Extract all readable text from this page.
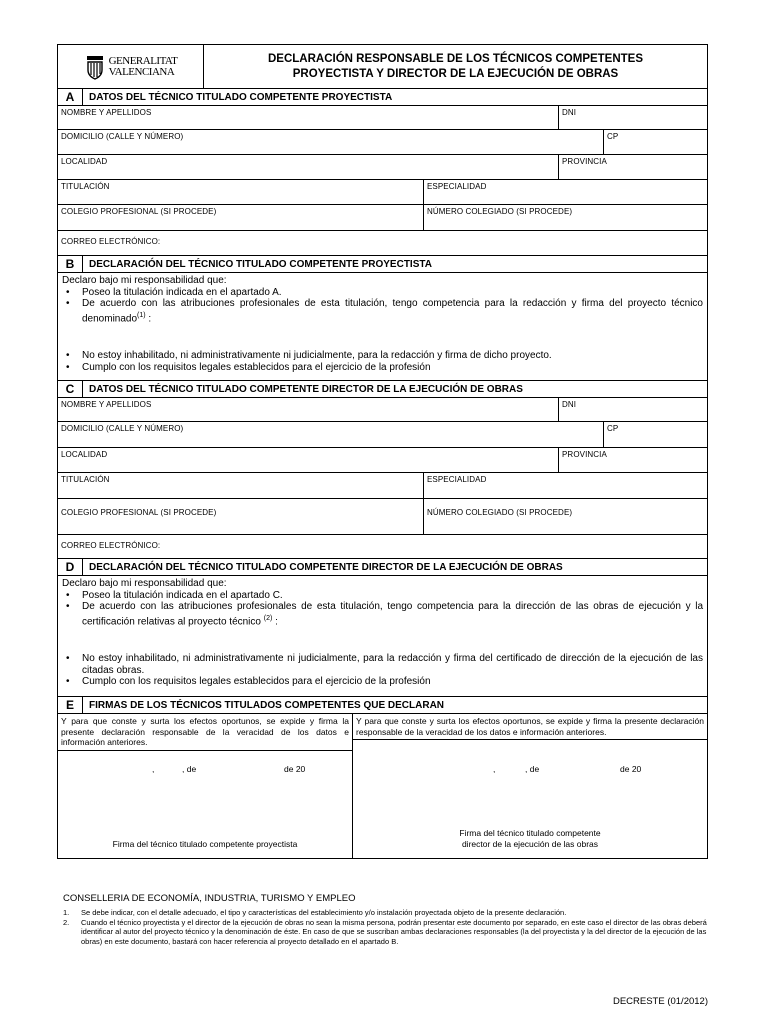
GENERALITAT
VALENCIANA
DECLARACIÓN RESPONSABLE DE LOS TÉCNICOS COMPETENTES
PROYECTISTA Y DIRECTOR DE LA EJECUCIÓN DE OBRAS
A	DATOS DEL TÉCNICO TITULADO COMPETENTE PROYECTISTA
NOMBRE Y APELLIDOS	DNI
DOMICILIO (CALLE Y NÚMERO)	CP
LOCALIDAD	PROVINCIA
TITULACIÓN	ESPECIALIDAD
COLEGIO PROFESIONAL (SI PROCEDE)	NÚMERO COLEGIADO (SI PROCEDE)
CORREO ELECTRÓNICO:
B	DECLARACIÓN DEL TÉCNICO TITULADO COMPETENTE PROYECTISTA
Declaro bajo mi responsabilidad que:
• Poseo la titulación indicada en el apartado A.
• De acuerdo con las atribuciones profesionales de esta titulación, tengo competencia para la redacción y firma del proyecto técnico denominado$^{(1)}$ :
• No estoy inhabilitado, ni administrativamente ni judicialmente, para la redacción y firma de dicho proyecto.
• Cumplo con los requisitos legales establecidos para el ejercicio de la profesión
C	DATOS DEL TÉCNICO TITULADO COMPETENTE DIRECTOR DE LA EJECUCIÓN DE OBRAS
NOMBRE Y APELLIDOS	DNI
DOMICILIO (CALLE Y NÚMERO)	CP
LOCALIDAD	PROVINCIA
TITULACIÓN	ESPECIALIDAD
COLEGIO PROFESIONAL (SI PROCEDE)	NÚMERO COLEGIADO (SI PROCEDE)
CORREO ELECTRÓNICO:
D	DECLARACIÓN DEL TÉCNICO TITULADO COMPETENTE DIRECTOR DE LA EJECUCIÓN DE OBRAS
Declaro bajo mi responsabilidad que:
• Poseo la titulación indicada en el apartado C.
• De acuerdo con las atribuciones profesionales de esta titulación, tengo competencia para la dirección de las obras de ejecución y la certificación relativas al proyecto técnico $^{(2)}$ :
• No estoy inhabilitado, ni administrativamente ni judicialmente, para la redacción y firma del certificado de dirección de la ejecución de las citadas obras.
• Cumplo con los requisitos legales establecidos para el ejercicio de la profesión
E	FIRMAS DE LOS TÉCNICOS TITULADOS COMPETENTES QUE DECLARAN
Y para que conste y surta los efectos oportunos, se expide y firma la presente declaración responsable de la veracidad de los datos e información anteriores.
,	, de	de 20
Firma del técnico titulado competente proyectista
Y para que conste y surta los efectos oportunos, se expide y firma la presente declaración responsable de la veracidad de los datos e información anteriores.
,	, de	de 20
Firma del técnico titulado competente
director de la ejecución de las obras
CONSELLERIA DE ECONOMÍA, INDUSTRIA, TURISMO Y EMPLEO
1.	Se debe indicar, con el detalle adecuado, el tipo y características del establecimiento y/o instalación proyectada objeto de la presente declaración.
2.	Cuando el técnico proyectista y el director de la ejecución de obras no sean la misma persona, podrán presentar este documento por separado, en este caso el director de las obras deberá identificar al autor del proyecto técnico y la denominación de éste. En caso de que se suscriban ambas declaraciones responsables (la del proyectista y la del director de la ejecución de las obras) en este documento, bastará con hacer referencia al proyecto detallado en el apartado B.
DECRESTE (01/2012)
